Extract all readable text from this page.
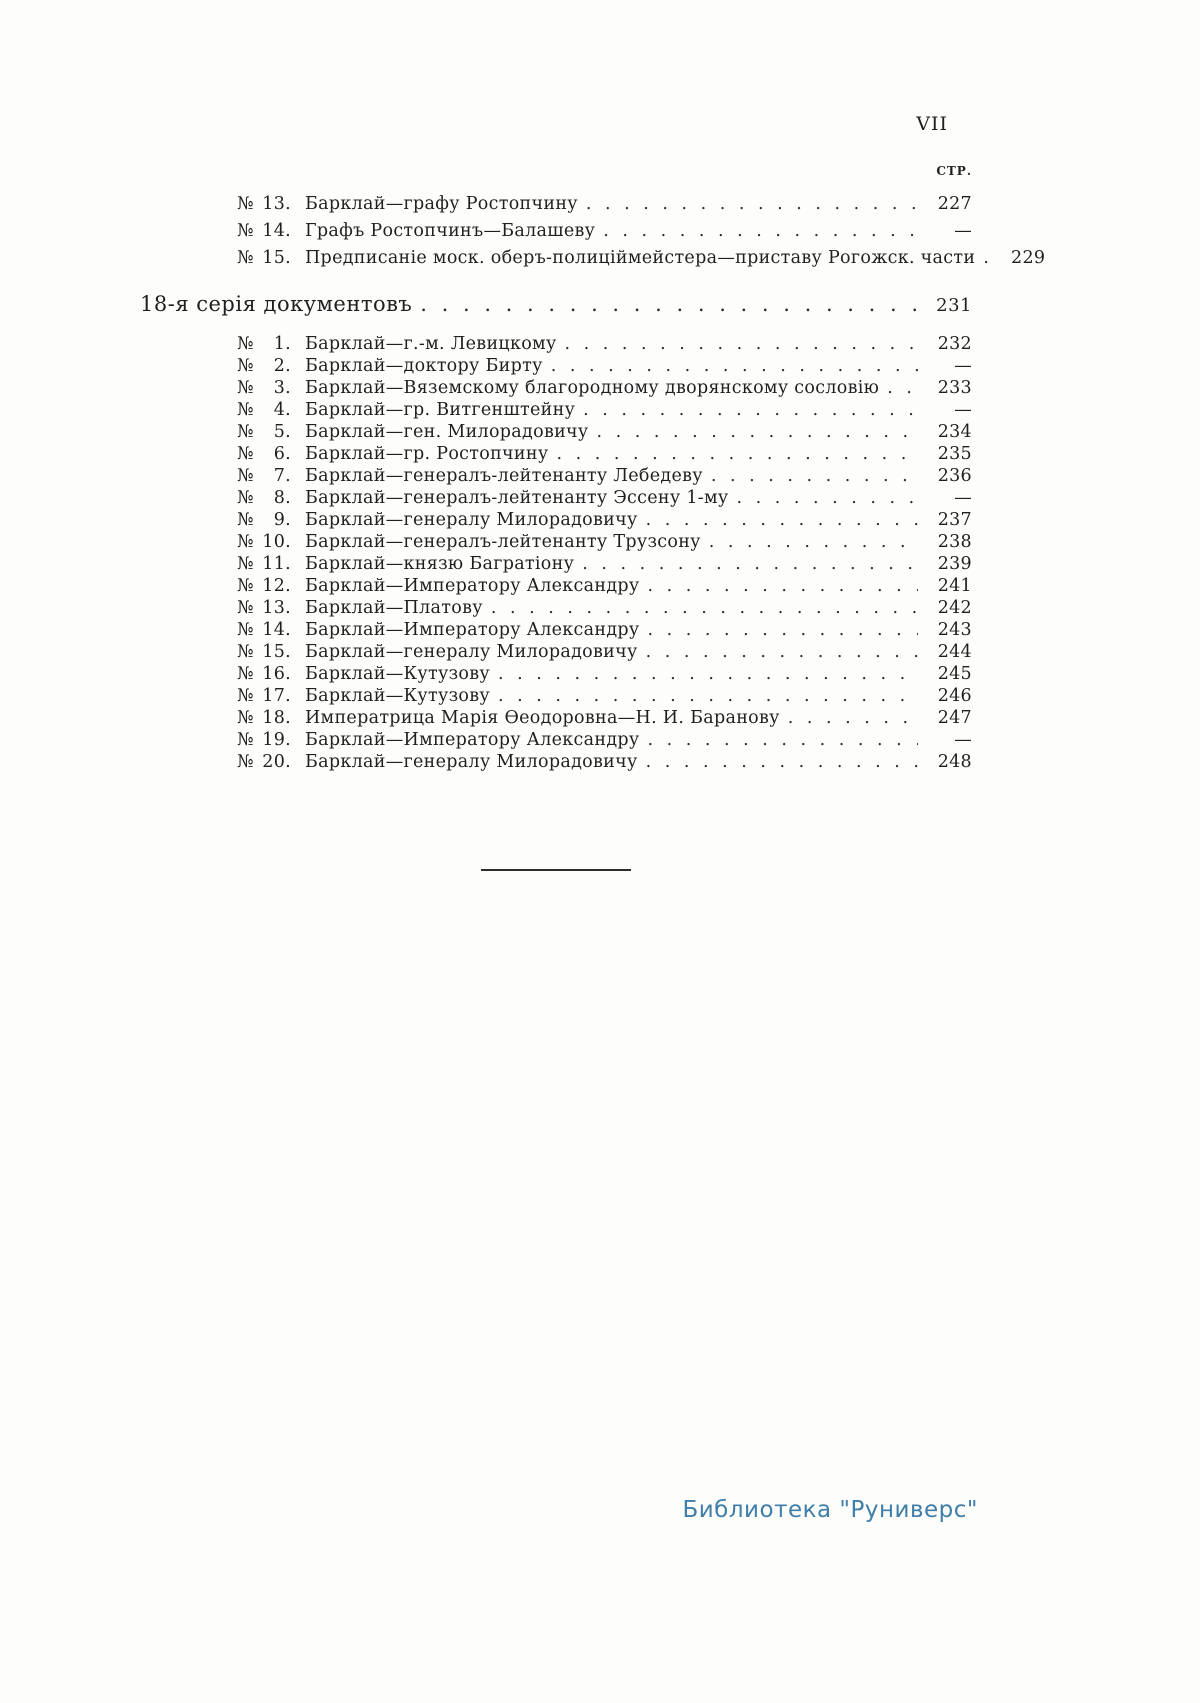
VII
СТР.
№ 13. Барклай—графу Ростопчину . . .	227
№ 14. Графъ Ростопчинъ—Балашеву . . .	—
№ 15. Предписаніе моск. оберъ-полиціймейстера—приставу Рогожск. части . . .	229
18-я серія документовъ . . .	231
№	1. Барклай—г.-м. Левицкому . . .	232
№	2. Барклай—доктору Бирту . . .	—
№	3. Барклай—Вяземскому благородному дворянскому сословію . . .	233
№	4. Барклай—гр. Витгенштейну . . .	—
№	5. Барклай—ген. Милорадовичу . . .	234
№	6. Барклай—гр. Ростопчину . . .	235
№	7. Барклай—генералъ-лейтенанту Лебедеву . . .	236
№	8. Барклай—генералъ-лейтенанту Эссену 1-му . . .	—
№	9. Барклай—генералу Милорадовичу . . .	237
№ 10. Барклай—генералъ-лейтенанту Трузсону . . .	238
№ 11. Барклай—князю Багратіону . . .	239
№ 12. Барклай—Императору Александру . . .	241
№ 13. Барклай—Платову . . .	242
№ 14. Барклай—Императору Александру . . .	243
№ 15. Барклай—генералу Милорадовичу . . .	244
№ 16. Барклай—Кутузову . . .	245
№ 17. Барклай—Кутузову . . .	246
№ 18. Императрица Марія Ѳеодоровна—Н. И. Баранову . . .	247
№ 19. Барклай—Императору Александру . . .	—
№ 20. Барклай—генералу Милорадовичу . . .	248
Библиотека "Руниверс"
